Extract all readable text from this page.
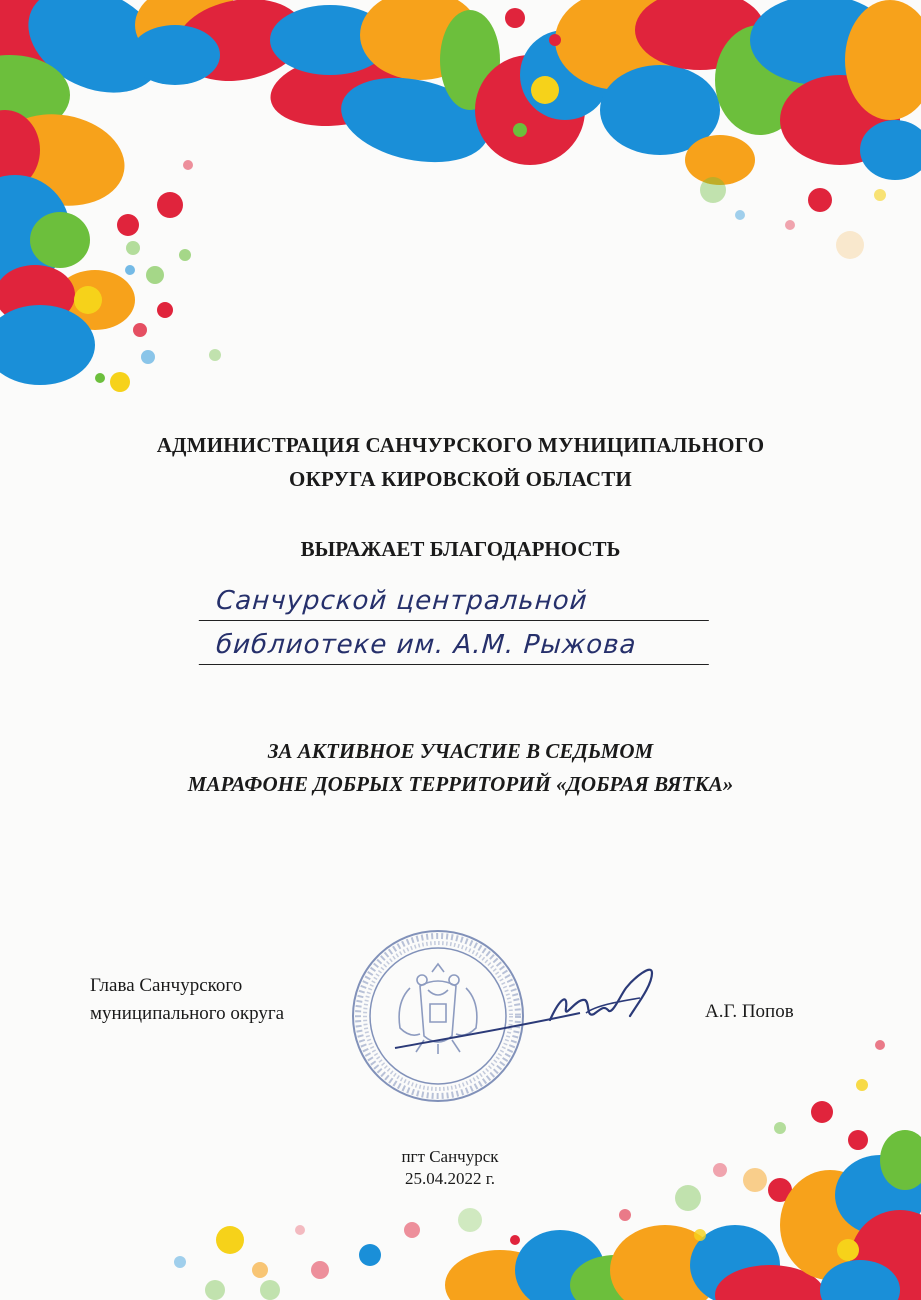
АДМИНИСТРАЦИЯ САНЧУРСКОГО МУНИЦИПАЛЬНОГО
ОКРУГА КИРОВСКОЙ ОБЛАСТИ
ВЫРАЖАЕТ БЛАГОДАРНОСТЬ
Санчурской центральной
библиотеке им. А.М. Рыжова
ЗА АКТИВНОЕ УЧАСТИЕ В СЕДЬМОМ
МАРАФОНЕ ДОБРЫХ ТЕРРИТОРИЙ «ДОБРАЯ ВЯТКА»
Глава Санчурского
муниципального округа	А.Г. Попов
пгт Санчурск
25.04.2022 г.
